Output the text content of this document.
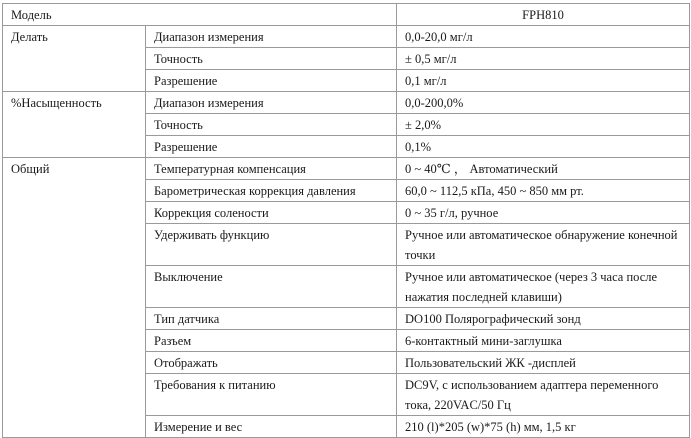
Модель		FPH810
Делать	Диапазон измерения	0,0-20,0 мг/л
	Точность	± 0,5 мг/л
	Разрешение	0,1 мг/л
%Насыщенность	Диапазон измерения	0,0-200,0%
	Точность	± 2,0%
	Разрешение	0,1%
Общий	Температурная компенсация	0 ~ 40℃ ， Автоматический
	Барометрическая коррекция давления	60,0 ~ 112,5 кПа, 450 ~ 850 мм рт.
	Коррекция солености	0 ~ 35 г/л, ручное
	Удерживать функцию	Ручное или автоматическое обнаружение конечной точки
	Выключение	Ручное или автоматическое (через 3 часа после нажатия последней клавиши)
	Тип датчика	DO100 Полярографический зонд
	Разъем	6-контактный мини-заглушка
	Отображать	Пользовательский ЖК -дисплей
	Требования к питанию	DC9V, с использованием адаптера переменного тока, 220VAC/50 Гц
	Измерение и вес	210 (l)*205 (w)*75 (h) мм, 1,5 кг
